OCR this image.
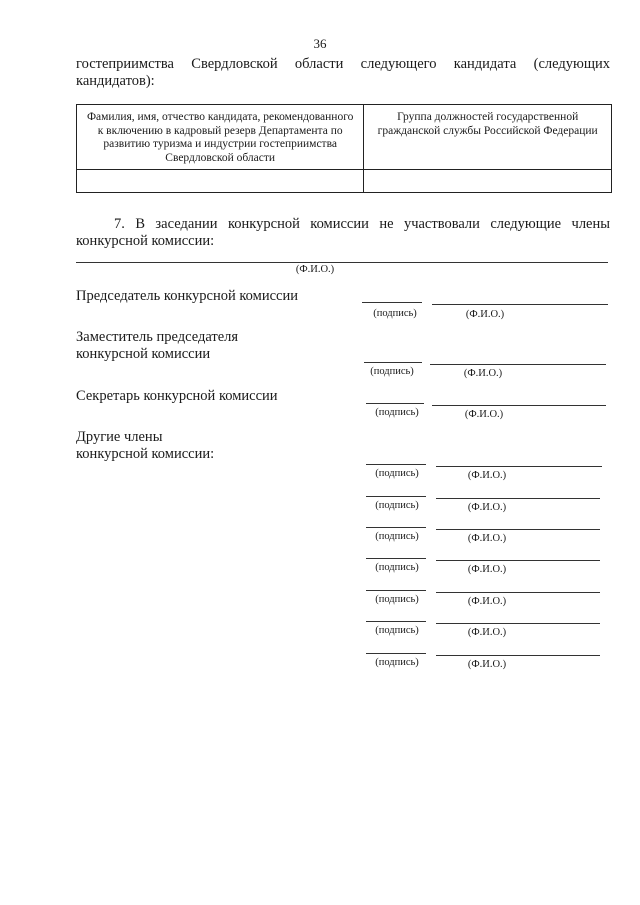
36
гостеприимства Свердловской области следующего кандидата (следующих
кандидатов):
Фамилия, имя, отчество кандидата, рекомендованного к включению в кадровый резерв Департамента по развитию туризма и индустрии гостеприимства Свердловской области	Группа должностей государственной гражданской службы Российской Федерации

7. В заседании конкурсной комиссии не участвовали следующие члены
конкурсной комиссии:
(Ф.И.О.)
Председатель конкурсной комиссии
(подпись)	(Ф.И.О.)
Заместитель председателя
конкурсной комиссии
(подпись)	(Ф.И.О.)
Секретарь конкурсной комиссии
(подпись)	(Ф.И.О.)
Другие члены
конкурсной комиссии:
(подпись)	(Ф.И.О.)
(подпись)	(Ф.И.О.)
(подпись)	(Ф.И.О.)
(подпись)	(Ф.И.О.)
(подпись)	(Ф.И.О.)
(подпись)	(Ф.И.О.)
(подпись)	(Ф.И.О.)
